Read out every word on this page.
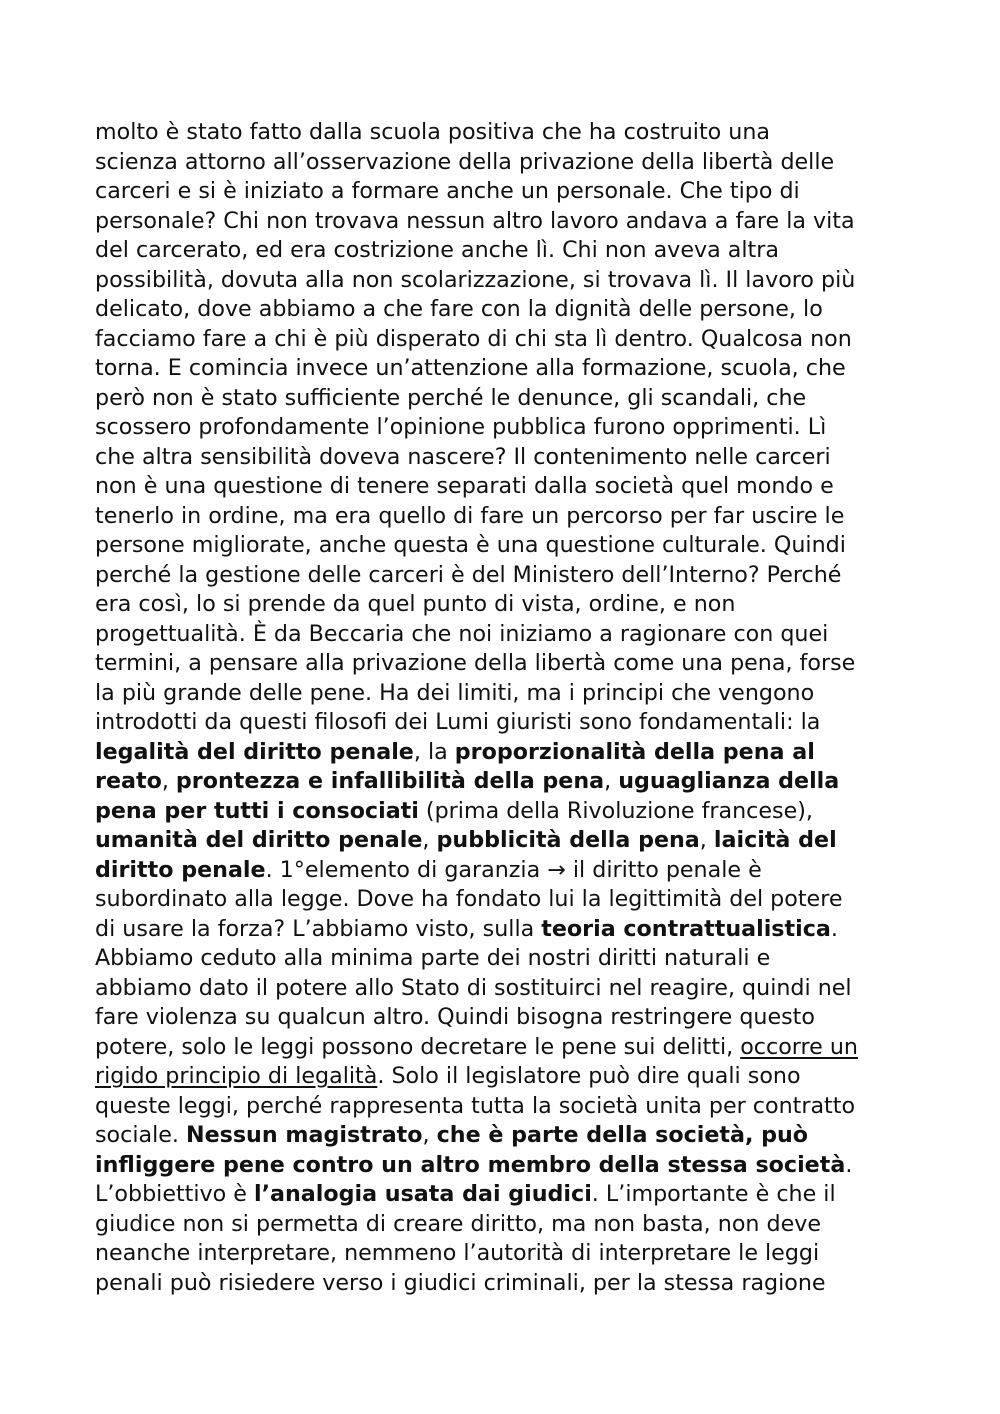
molto è stato fatto dalla scuola positiva che ha costruito una
scienza attorno all’osservazione della privazione della libertà delle
carceri e si è iniziato a formare anche un personale. Che tipo di
personale? Chi non trovava nessun altro lavoro andava a fare la vita
del carcerato, ed era costrizione anche lì. Chi non aveva altra
possibilità, dovuta alla non scolarizzazione, si trovava lì. Il lavoro più
delicato, dove abbiamo a che fare con la dignità delle persone, lo
facciamo fare a chi è più disperato di chi sta lì dentro. Qualcosa non
torna. E comincia invece un’attenzione alla formazione, scuola, che
però non è stato sufficiente perché le denunce, gli scandali, che
scossero profondamente l’opinione pubblica furono opprimenti. Lì
che altra sensibilità doveva nascere? Il contenimento nelle carceri
non è una questione di tenere separati dalla società quel mondo e
tenerlo in ordine, ma era quello di fare un percorso per far uscire le
persone migliorate, anche questa è una questione culturale. Quindi
perché la gestione delle carceri è del Ministero dell’Interno? Perché
era così, lo si prende da quel punto di vista, ordine, e non
progettualità. È da Beccaria che noi iniziamo a ragionare con quei
termini, a pensare alla privazione della libertà come una pena, forse
la più grande delle pene. Ha dei limiti, ma i principi che vengono
introdotti da questi filosofi dei Lumi giuristi sono fondamentali: la
legalità del diritto penale, la proporzionalità della pena al
reato, prontezza e infallibilità della pena, uguaglianza della
pena per tutti i consociati (prima della Rivoluzione francese),
umanità del diritto penale, pubblicità della pena, laicità del
diritto penale. 1°elemento di garanzia → il diritto penale è
subordinato alla legge. Dove ha fondato lui la legittimità del potere
di usare la forza? L’abbiamo visto, sulla teoria contrattualistica.
Abbiamo ceduto alla minima parte dei nostri diritti naturali e
abbiamo dato il potere allo Stato di sostituirci nel reagire, quindi nel
fare violenza su qualcun altro. Quindi bisogna restringere questo
potere, solo le leggi possono decretare le pene sui delitti, occorre un
rigido principio di legalità. Solo il legislatore può dire quali sono
queste leggi, perché rappresenta tutta la società unita per contratto
sociale. Nessun magistrato, che è parte della società, può
infliggere pene contro un altro membro della stessa società.
L’obbiettivo è l’analogia usata dai giudici. L’importante è che il
giudice non si permetta di creare diritto, ma non basta, non deve
neanche interpretare, nemmeno l’autorità di interpretare le leggi
penali può risiedere verso i giudici criminali, per la stessa ragione
